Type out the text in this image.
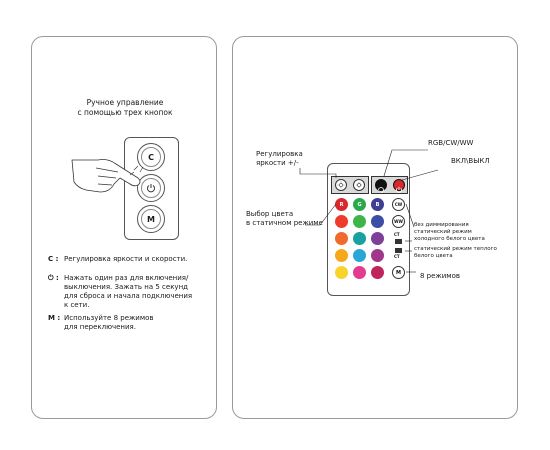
Ручное управление
с помощью трех кнопок
C
M
C : Регулировка яркости и скорости.
⏻ : Нажать один раз для включения/
выключения. Зажать на 5 секунд
для сброса и начала подключения
к сети.
M : Используйте 8 режимов
для переключения.
R	G	B	CW
WW
CT
CT
M
Регулировка
яркости +/-
RGB/CW/WW
ВКЛ\ВЫКЛ
Выбор цвета
в статичном режиме	без диммирования
статический режим
холодного белого цвета
статический режим теплого
белого цвета
8 режимов
